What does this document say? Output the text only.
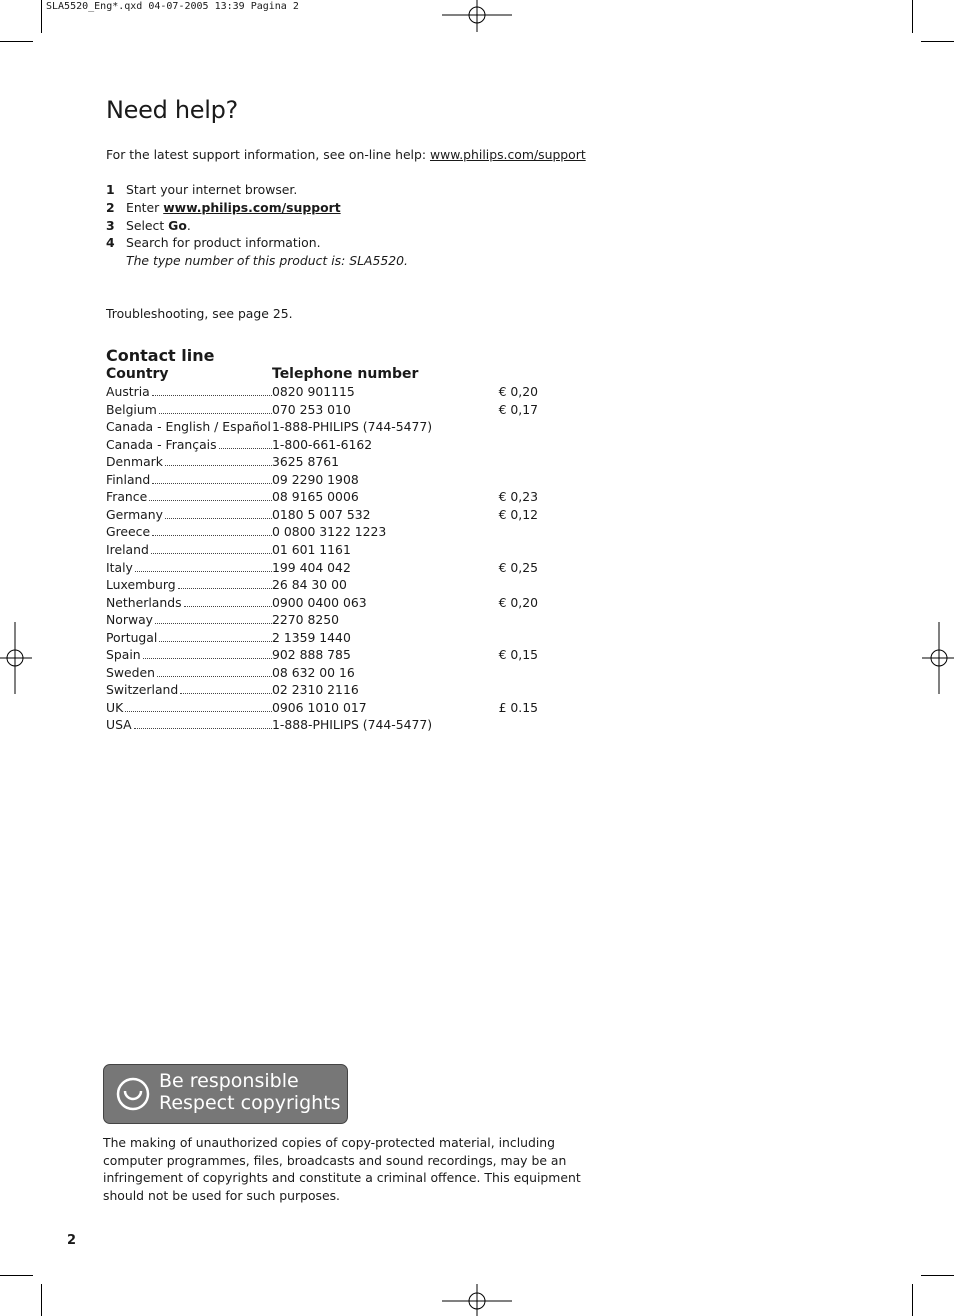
SLA5520_Eng*.qxd 04-07-2005 13:39 Pagina 2
Need help?
For the latest support information, see on-line help: www.philips.com/support
1 Start your internet browser.
2 Enter www.philips.com/support
3 Select Go.
4 Search for product information.
The type number of this product is: SLA5520.
Troubleshooting, see page 25.
Contact line
Country	Telephone number
Austria	0820 901115	€ 0,20
Belgium	070 253 010	€ 0,17
Canada - English / Español 1-888-PHILIPS (744-5477)
Canada - Français	1-800-661-6162
Denmark	3625 8761
Finland	09 2290 1908
France	08 9165 0006	€ 0,23
Germany	0180 5 007 532	€ 0,12
Greece	0 0800 3122 1223
Ireland	01 601 1161
Italy	199 404 042	€ 0,25
Luxemburg	26 84 30 00
Netherlands	0900 0400 063	€ 0,20
Norway	2270 8250
Portugal	2 1359 1440
Spain	902 888 785	€ 0,15
Sweden	08 632 00 16
Switzerland	02 2310 2116
UK	0906 1010 017	£ 0.15
USA	1-888-PHILIPS (744-5477)
Be responsible
Respect copyrights
The making of unauthorized copies of copy-protected material, including computer programmes, files, broadcasts and sound recordings, may be an infringement of copyrights and constitute a criminal offence. This equipment should not be used for such purposes.
2
